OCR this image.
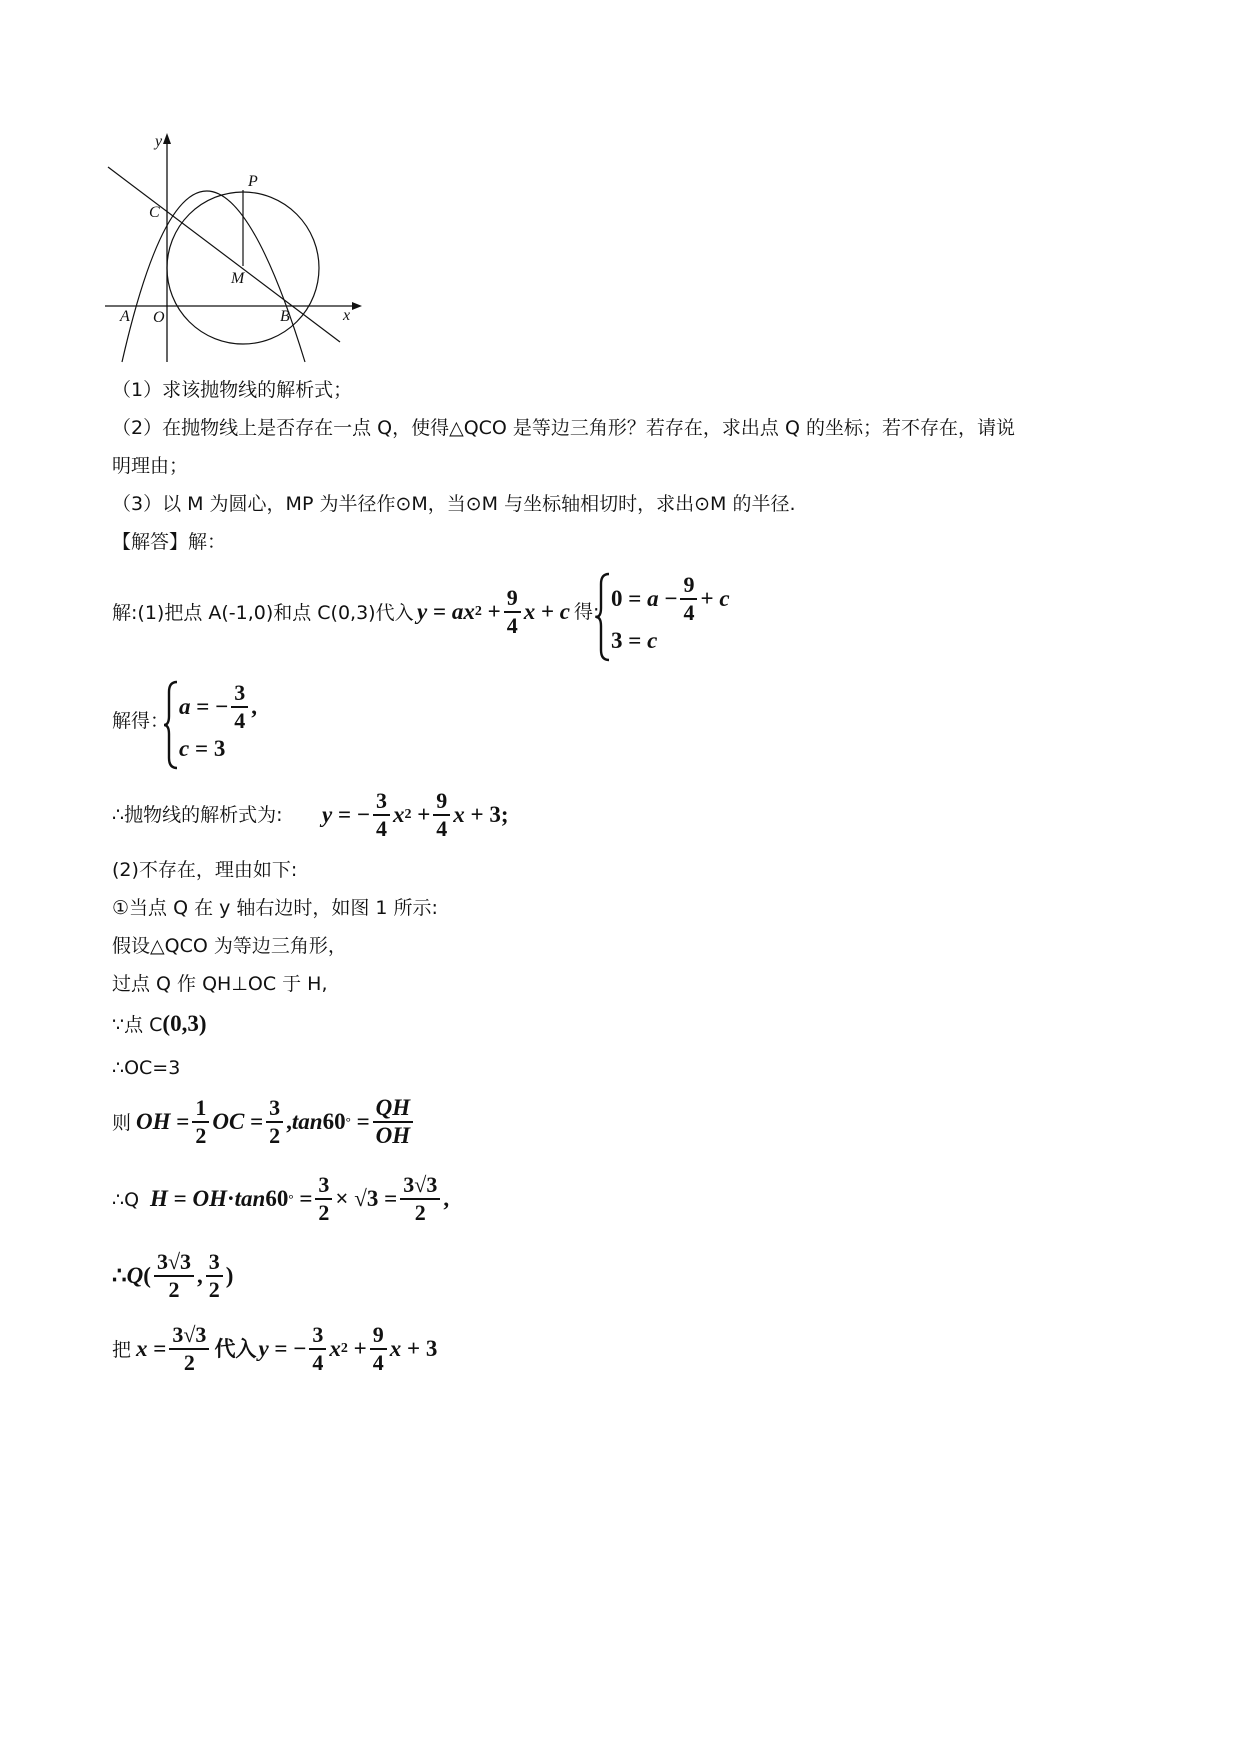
y
x
P
C
M
A O	B
（1）求该抛物线的解析式；
（2）在抛物线上是否存在一点 Q，使得△QCO 是等边三角形？若存在，求出点 Q 的坐标；若不存在，请说
明理由；
（3）以 M 为圆心，MP 为半径作⊙M，当⊙M 与坐标轴相切时，求出⊙M 的半径.
【解答】解：
解:(1)把点 A(-1,0)和点 C(0,3)代入 y = ax $2 + \frac{9}{4}$ x + c 得:
$0 = a - \frac{9}{4} + c$
3 = c
解得：
a = − $\frac{3}{4}$ ,
c = 3
∴抛物线的解析式为: y = − $\frac{3}{4}$ x $2 + \frac{9}{4}$ x + 3;
(2)不存在，理由如下:
①当点 Q 在 y 轴右边时，如图 1 所示:
假设△QCO 为等边三角形，
过点 Q 作 QH⊥OC 于 H,
∵点 C(0,3)
∴OC=3
则 OH = $\frac{1}{2}$ OC = $\frac{3}{2}$ , tan 60 ° = $\frac{QH}{OH}$
∴Q H = OH · tan 60 ° = $\frac{3}{2} \times √3 = \frac{3√3}{2}$ ,
∴ Q ( $\frac{3√3}{2}$ , $\frac{3}{2}$ )
把 $x = \frac{3√3}{2}$ 代入 y = − $\frac{3}{4}$ x $2 + \frac{9}{4}$ x + 3
